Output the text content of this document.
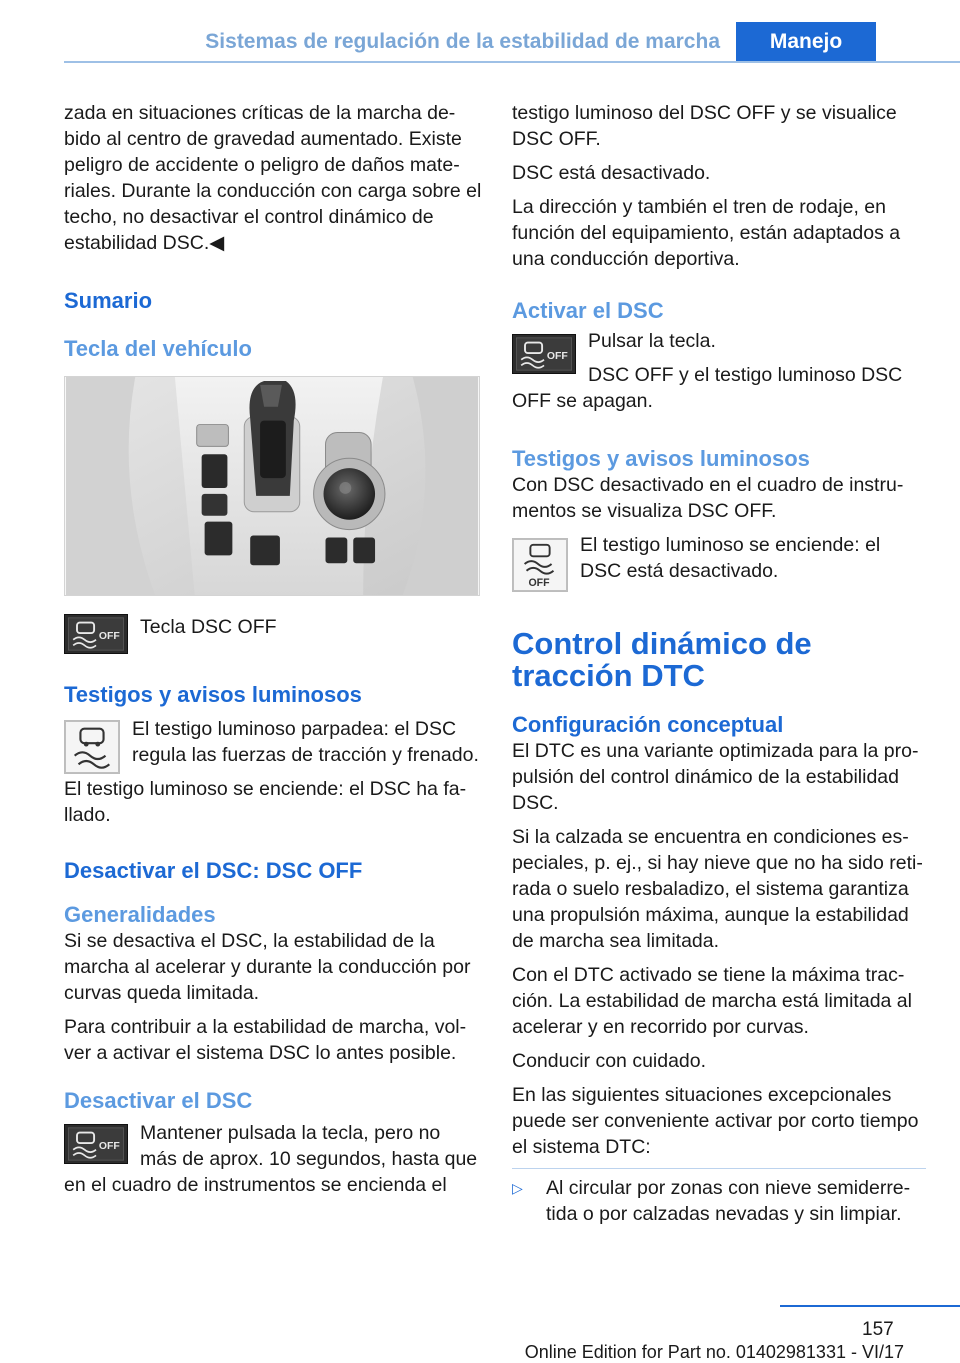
Sistemas de regulación de la estabilidad de marcha	Manejo

zada en situaciones críticas de la marcha debido al centro de gravedad aumentado. Existe peligro de accidente o peligro de daños materiales. Durante la conducción con carga sobre el techo, no desactivar el control dinámico de estabilidad DSC.◀

Sumario
Tecla del vehículo
OFF Tecla DSC OFF
Testigos y avisos luminosos

El testigo luminoso parpadea: el DSC regula las fuerzas de tracción y frenado.

El testigo luminoso se enciende: el DSC ha fallado.

Desactivar el DSC: DSC OFF
Generalidades

Si se desactiva el DSC, la estabilidad de la marcha al acelerar y durante la conducción por curvas queda limitada.

Para contribuir a la estabilidad de marcha, volver a activar el sistema DSC lo antes posible.

Desactivar el DSC
OFF

Mantener pulsada la tecla, pero no más de aprox. 10 segundos, hasta que en el cuadro de instrumentos se encienda el

testigo luminoso del DSC OFF y se visualice DSC OFF.

DSC está desactivado.

La dirección y también el tren de rodaje, en función del equipamiento, están adaptados a una conducción deportiva.

Activar el DSC
OFF

Pulsar la tecla.

DSC OFF y el testigo luminoso DSC OFF se apagan.

Testigos y avisos luminosos

Con DSC desactivado en el cuadro de instrumentos se visualiza DSC OFF.

OFF

El testigo luminoso se enciende: el DSC está desactivado.

Control dinámico de tracción DTC
Configuración conceptual

El DTC es una variante optimizada para la propulsión del control dinámico de la estabilidad DSC.

Si la calzada se encuentra en condiciones especiales, p. ej., si hay nieve que no ha sido retirada o suelo resbaladizo, el sistema garantiza una propulsión máxima, aunque la estabilidad de marcha sea limitada.

Con el DTC activado se tiene la máxima tracción. La estabilidad de marcha está limitada al acelerar y en recorrido por curvas.

Conducir con cuidado.

En las siguientes situaciones excepcionales puede ser conveniente activar por corto tiempo el sistema DTC:

▷	Al circular por zonas con nieve semiderretida o por calzadas nevadas y sin limpiar.
157
Online Edition for Part no. 01402981331 - VI/17
